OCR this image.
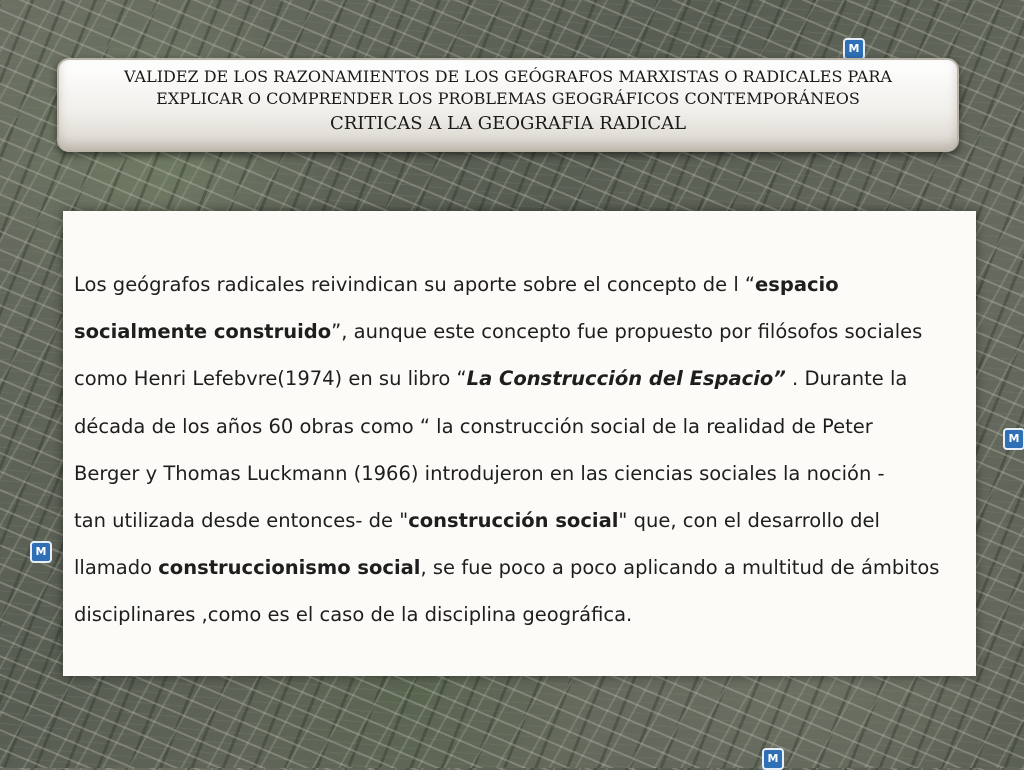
M
M
M
M
VALIDEZ DE LOS RAZONAMIENTOS DE LOS GEÓGRAFOS MARXISTAS O RADICALES PARA
EXPLICAR O COMPRENDER LOS PROBLEMAS GEOGRÁFICOS CONTEMPORÁNEOS
CRITICAS A LA GEOGRAFIA RADICAL

Los geógrafos radicales reivindican su aporte sobre el concepto de l “espacio
socialmente construido”, aunque este concepto fue propuesto por filósofos sociales
como Henri Lefebvre(1974) en su libro “La Construcción del Espacio” . Durante la
década de los años 60 obras como “ la construcción social de la realidad de Peter
Berger y Thomas Luckmann (1966) introdujeron en las ciencias sociales la noción -
tan utilizada desde entonces- de "construcción social" que, con el desarrollo del
llamado construccionismo social, se fue poco a poco aplicando a multitud de ámbitos
disciplinares ,como es el caso de la disciplina geográfica.
